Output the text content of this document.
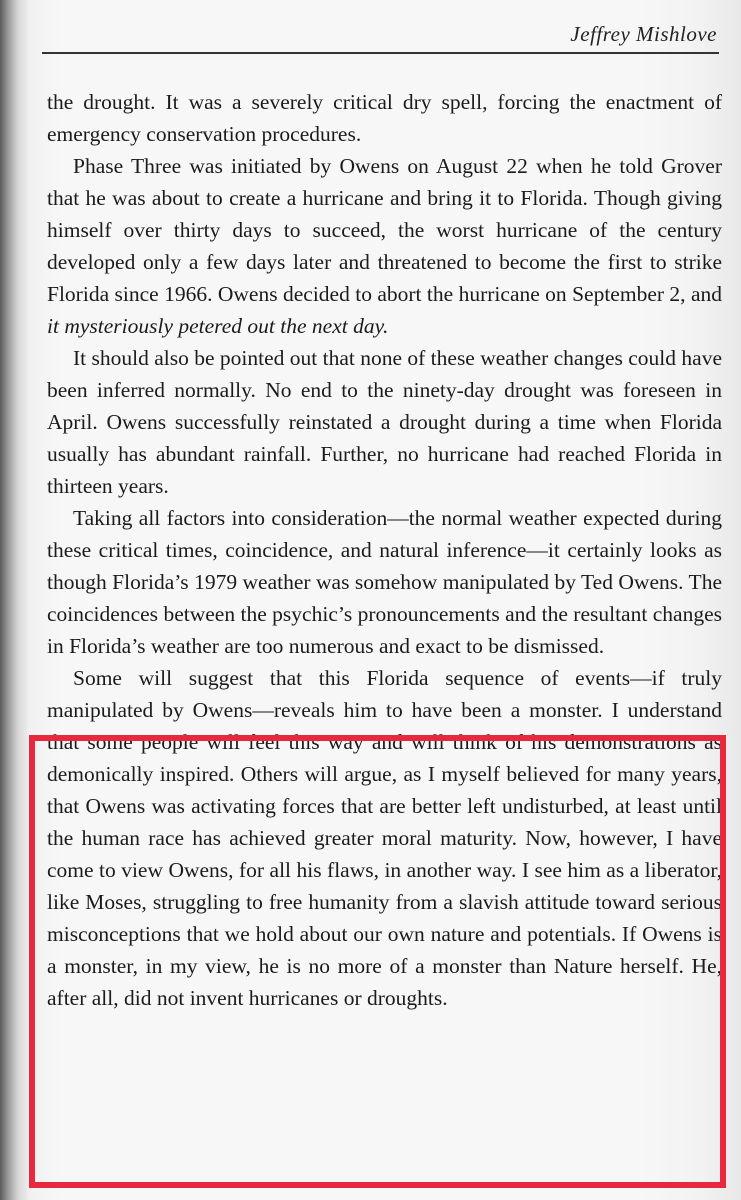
Jeffrey Mishlove

the drought. It was a severely critical dry spell, forcing the enactment of emergency conservation procedures.

Phase Three was initiated by Owens on August 22 when he told Grover that he was about to create a hurricane and bring it to Florida. Though giving himself over thirty days to succeed, the worst hurricane of the century developed only a few days later and threatened to become the first to strike Florida since 1966. Owens decided to abort the hurricane on September 2, and it mysteriously petered out the next day.

It should also be pointed out that none of these weather changes could have been inferred normally. No end to the ninety-day drought was foreseen in April. Owens successfully reinstated a drought during a time when Florida usually has abundant rainfall. Further, no hurricane had reached Florida in thirteen years.

Taking all factors into consideration—the normal weather expected during these critical times, coincidence, and natural inference—it certainly looks as though Florida’s 1979 weather was somehow manipulated by Ted Owens. The coincidences between the psychic’s pronouncements and the resultant changes in Florida’s weather are too numerous and exact to be dismissed.

Some will suggest that this Florida sequence of events—if truly manipulated by Owens—reveals him to have been a monster. I understand that some people will feel this way and will think of his demonstrations as demonically inspired. Others will argue, as I myself believed for many years, that Owens was activating forces that are better left undisturbed, at least until the human race has achieved greater moral maturity. Now, however, I have come to view Owens, for all his flaws, in another way. I see him as a liberator, like Moses, struggling to free humanity from a slavish attitude toward serious misconceptions that we hold about our own nature and potentials. If Owens is a monster, in my view, he is no more of a monster than Nature herself. He, after all, did not invent hurricanes or droughts.
